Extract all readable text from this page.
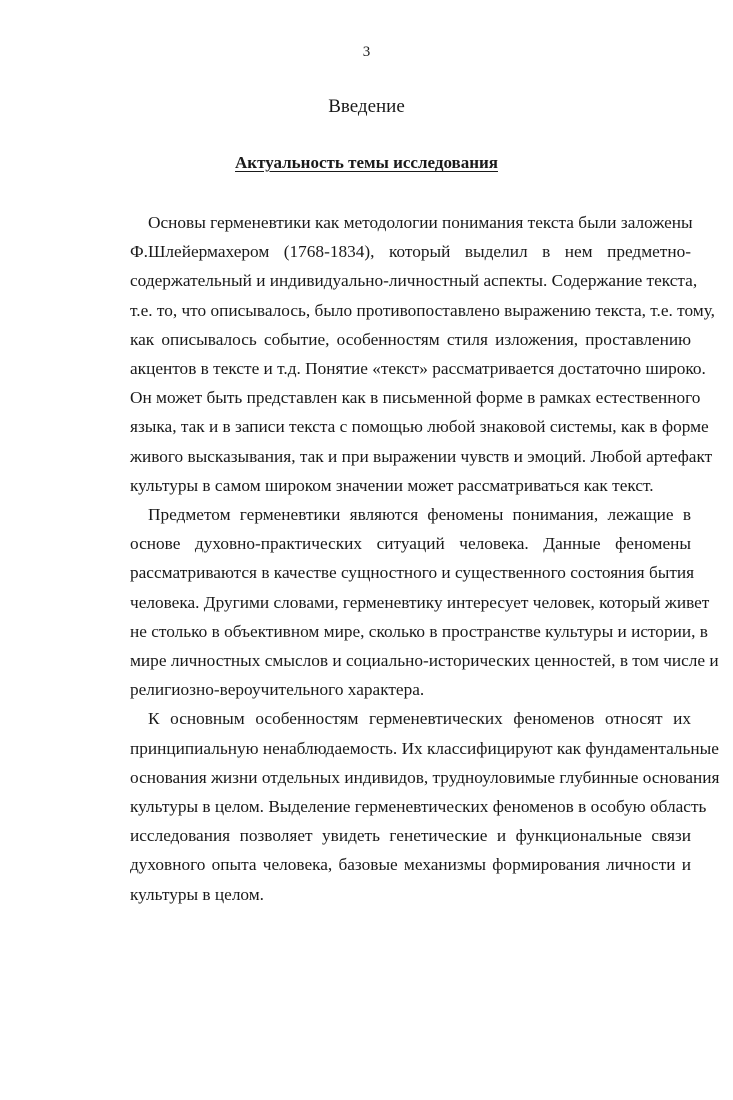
3
Введение
Актуальность темы исследования
Основы герменевтики как методологии понимания текста были заложены
Ф.Шлейермахером (1768-1834), который выделил в нем предметно-
содержательный и индивидуально-личностный аспекты. Содержание текста,
т.е. то, что описывалось, было противопоставлено выражению текста, т.е. тому,
как описывалось событие, особенностям стиля изложения, проставлению
акцентов в тексте и т.д. Понятие «текст» рассматривается достаточно широко.
Он может быть представлен как в письменной форме в рамках естественного
языка, так и в записи текста с помощью любой знаковой системы, как в форме
живого высказывания, так и при выражении чувств и эмоций. Любой артефакт
культуры в самом широком значении может рассматриваться как текст.
Предметом герменевтики являются феномены понимания, лежащие в
основе духовно-практических ситуаций человека. Данные феномены
рассматриваются в качестве сущностного и существенного состояния бытия
человека. Другими словами, герменевтику интересует человек, который живет
не столько в объективном мире, сколько в пространстве культуры и истории, в
мире личностных смыслов и социально-исторических ценностей, в том числе и
религиозно-вероучительного характера.
К основным особенностям герменевтических феноменов относят их
принципиальную ненаблюдаемость. Их классифицируют как фундаментальные
основания жизни отдельных индивидов, трудноуловимые глубинные основания
культуры в целом. Выделение герменевтических феноменов в особую область
исследования позволяет увидеть генетические и функциональные связи
духовного опыта человека, базовые механизмы формирования личности и
культуры в целом.
